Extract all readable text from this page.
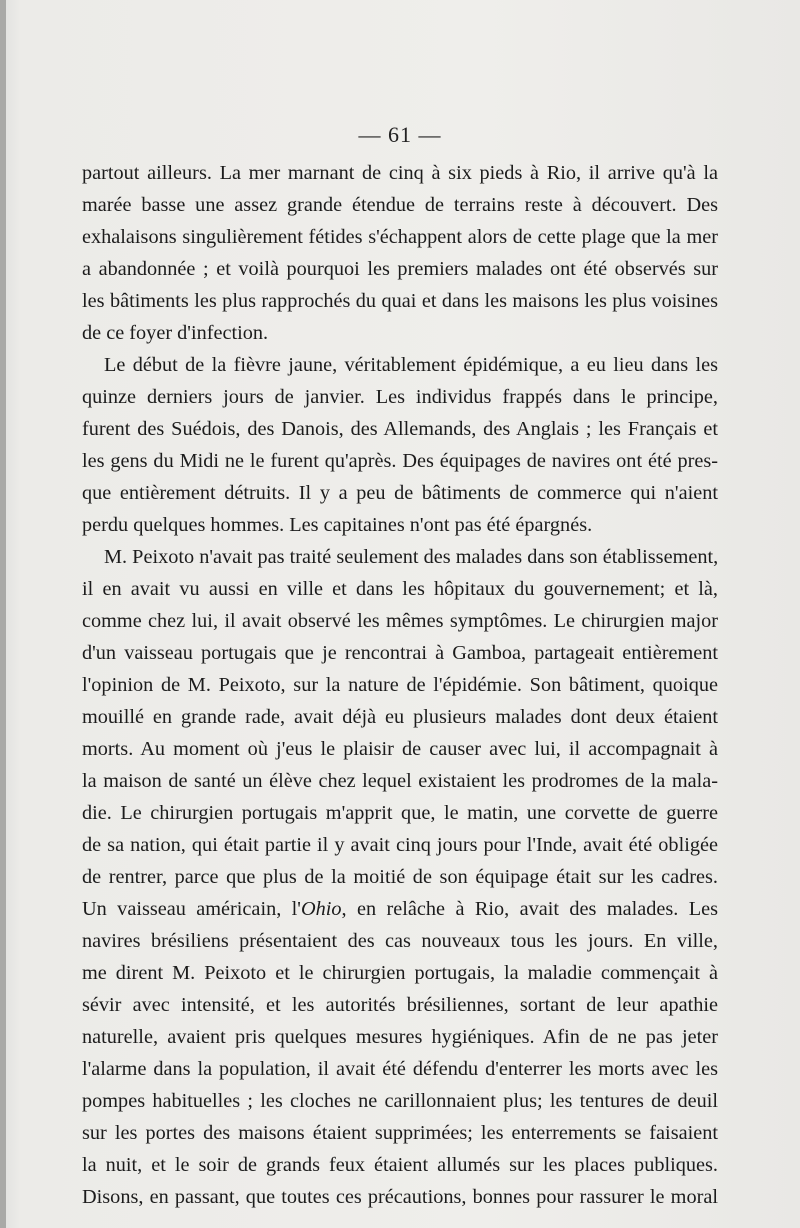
— 61 —
partout ailleurs. La mer marnant de cinq à six pieds à Rio, il arrive qu'à la
marée basse une assez grande étendue de terrains reste à découvert. Des
exhalaisons singulièrement fétides s'échappent alors de cette plage que la mer
a abandonnée ; et voilà pourquoi les premiers malades ont été observés sur
les bâtiments les plus rapprochés du quai et dans les maisons les plus voisines
de ce foyer d'infection.
Le début de la fièvre jaune, véritablement épidémique, a eu lieu dans les
quinze derniers jours de janvier. Les individus frappés dans le principe,
furent des Suédois, des Danois, des Allemands, des Anglais ; les Français et
les gens du Midi ne le furent qu'après. Des équipages de navires ont été pres-
que entièrement détruits. Il y a peu de bâtiments de commerce qui n'aient
perdu quelques hommes. Les capitaines n'ont pas été épargnés.
M. Peixoto n'avait pas traité seulement des malades dans son établissement,
il en avait vu aussi en ville et dans les hôpitaux du gouvernement; et là,
comme chez lui, il avait observé les mêmes symptômes. Le chirurgien major
d'un vaisseau portugais que je rencontrai à Gamboa, partageait entièrement
l'opinion de M. Peixoto, sur la nature de l'épidémie. Son bâtiment, quoique
mouillé en grande rade, avait déjà eu plusieurs malades dont deux étaient
morts. Au moment où j'eus le plaisir de causer avec lui, il accompagnait à
la maison de santé un élève chez lequel existaient les prodromes de la mala-
die. Le chirurgien portugais m'apprit que, le matin, une corvette de guerre
de sa nation, qui était partie il y avait cinq jours pour l'Inde, avait été obligée
de rentrer, parce que plus de la moitié de son équipage était sur les cadres.
Un vaisseau américain, l'Ohio, en relâche à Rio, avait des malades. Les
navires brésiliens présentaient des cas nouveaux tous les jours. En ville,
me dirent M. Peixoto et le chirurgien portugais, la maladie commençait à
sévir avec intensité, et les autorités brésiliennes, sortant de leur apathie
naturelle, avaient pris quelques mesures hygiéniques. Afin de ne pas jeter
l'alarme dans la population, il avait été défendu d'enterrer les morts avec les
pompes habituelles ; les cloches ne carillonnaient plus; les tentures de deuil
sur les portes des maisons étaient supprimées; les enterrements se faisaient
la nuit, et le soir de grands feux étaient allumés sur les places publiques.
Disons, en passant, que toutes ces précautions, bonnes pour rassurer le moral
